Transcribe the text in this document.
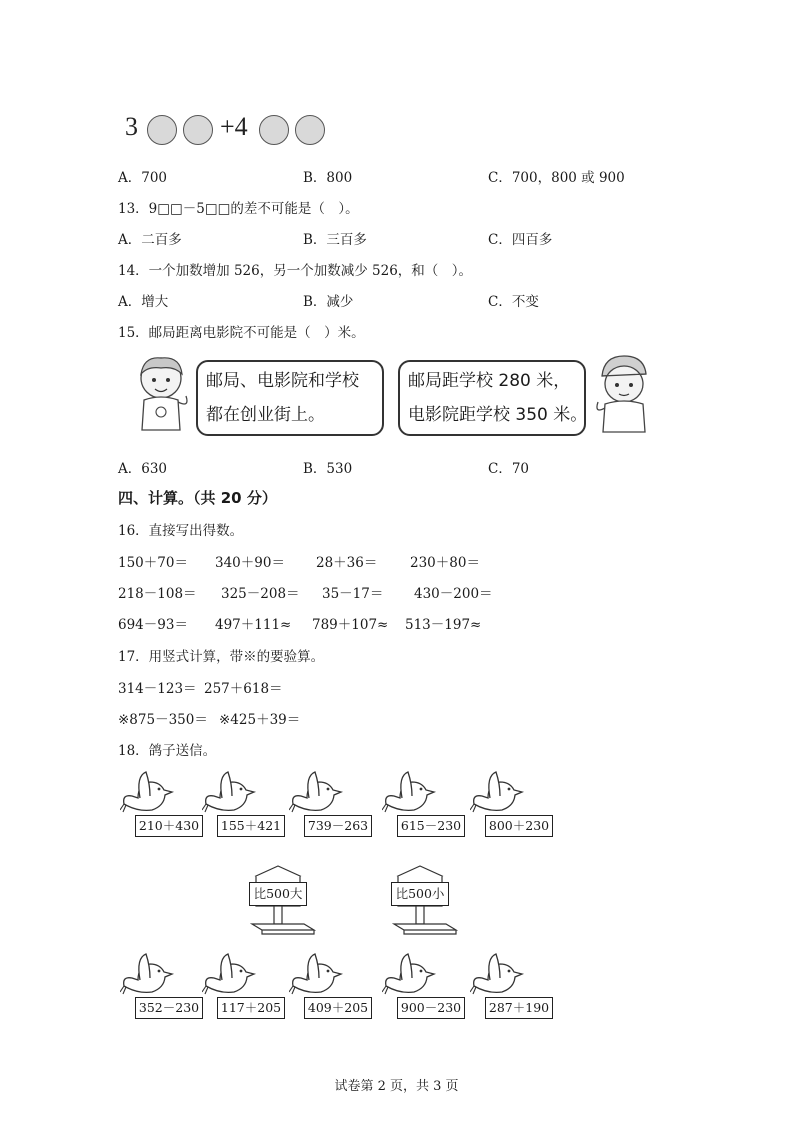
3	+4
A．700	B．800	C．700，800 或 900
13．9□□－5□□的差不可能是（　）。
A．二百多	B．三百多	C．四百多
14．一个加数增加 526，另一个加数减少 526，和（　）。
A．增大	B．减少	C．不变
15．邮局距离电影院不可能是（　）米。
邮局、电影院和学校
都在创业街上。
邮局距学校 280 米，
电影院距学校 350 米。
A．630	B．530	C．70
四、计算。（共 20 分）
16．直接写出得数。
150＋70＝ 340＋90＝ 28＋36＝ 230＋80＝
218－108＝ 325－208＝ 35－17＝ 430－200＝
694－93＝ 497＋111≈ 789＋107≈ 513－197≈
17．用竖式计算，带※的要验算。
314－123＝ 257＋618＝
※875－350＝ ※425＋39＝
18．鸽子送信。
210＋430	155＋421	739－263	615－230	800＋230
352－230	117＋205	409＋205	900－230	287＋190
比500大	比500小
试卷第 2 页，共 3 页
